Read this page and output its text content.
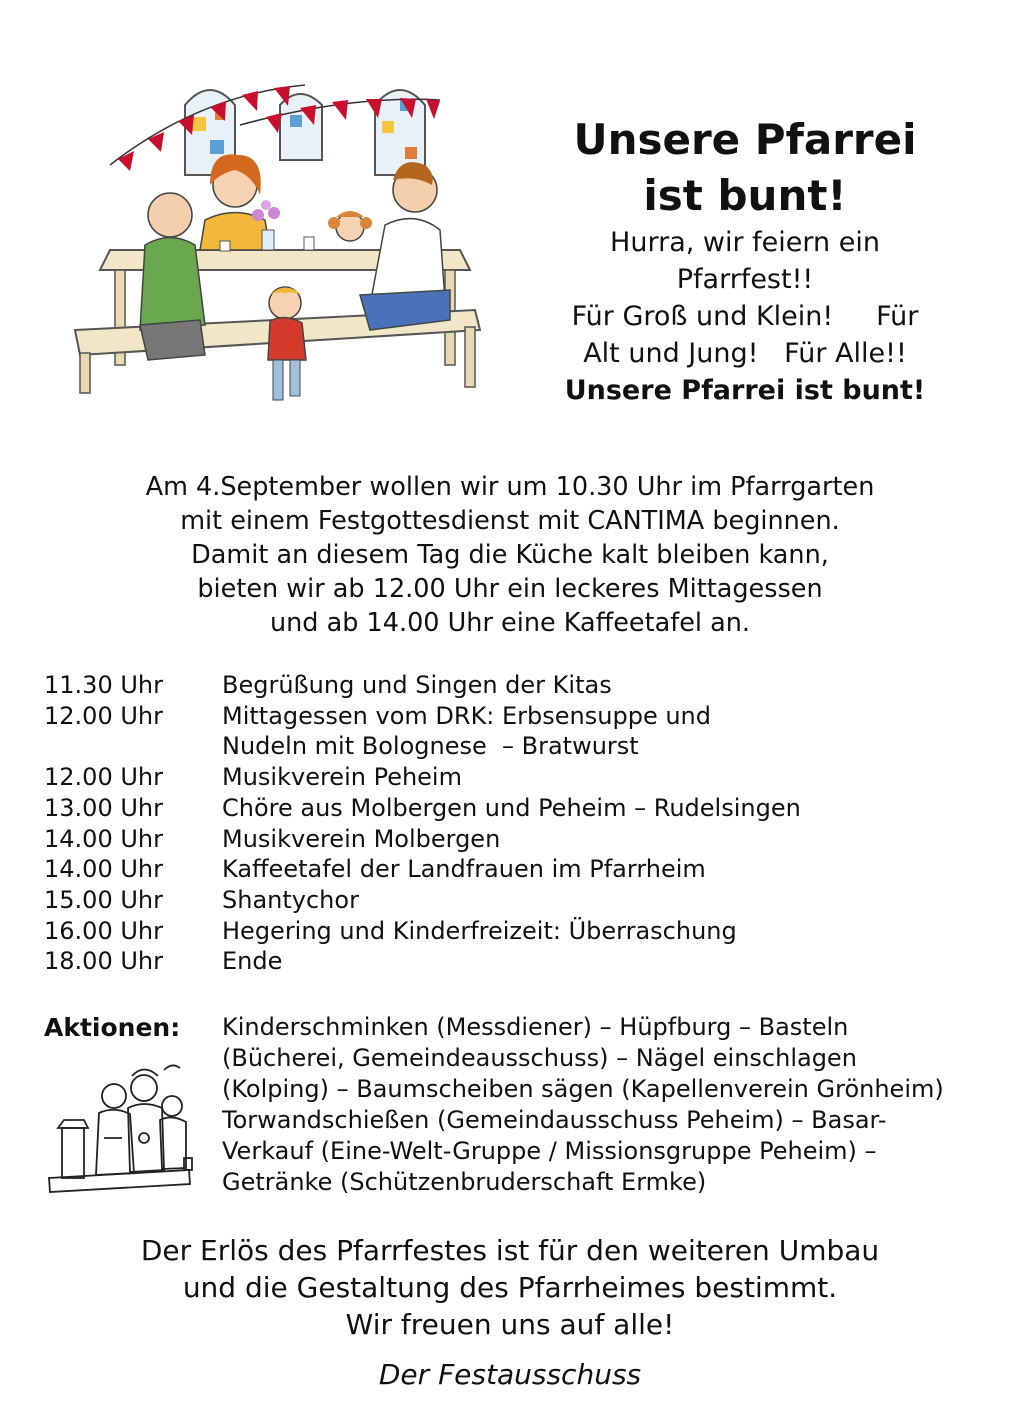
Unsere Pfarrei
ist bunt!
Hurra, wir feiern ein
Pfarrfest!!
Für Groß und Klein!     Für
Alt und Jung!   Für Alle!!
Unsere Pfarrei ist bunt!
Am 4.September wollen wir um 10.30 Uhr im Pfarrgarten
mit einem Festgottesdienst mit CANTIMA beginnen.
Damit an diesem Tag die Küche kalt bleiben kann,
bieten wir ab 12.00 Uhr ein leckeres Mittagessen
und ab 14.00 Uhr eine Kaffeetafel an.
11.30 Uhr	Begrüßung und Singen der Kitas
12.00 Uhr	Mittagessen vom DRK: Erbsensuppe und
Nudeln mit Bolognese  – Bratwurst
12.00 Uhr	Musikverein Peheim
13.00 Uhr	Chöre aus Molbergen und Peheim – Rudelsingen
14.00 Uhr	Musikverein Molbergen
14.00 Uhr	Kaffeetafel der Landfrauen im Pfarrheim
15.00 Uhr	Shantychor
16.00 Uhr	Hegering und Kinderfreizeit: Überraschung
18.00 Uhr	Ende
Aktionen:	Kinderschminken (Messdiener) – Hüpfburg – Basteln
(Bücherei, Gemeindeausschuss) – Nägel einschlagen
(Kolping) – Baumscheiben sägen (Kapellenverein Grönheim)
Torwandschießen (Gemeindausschuss Peheim) – Basar-
Verkauf (Eine-Welt-Gruppe / Missionsgruppe Peheim) –
Getränke (Schützenbruderschaft Ermke)
Der Erlös des Pfarrfestes ist für den weiteren Umbau
und die Gestaltung des Pfarrheimes bestimmt.
Wir freuen uns auf alle!
Der Festausschuss
